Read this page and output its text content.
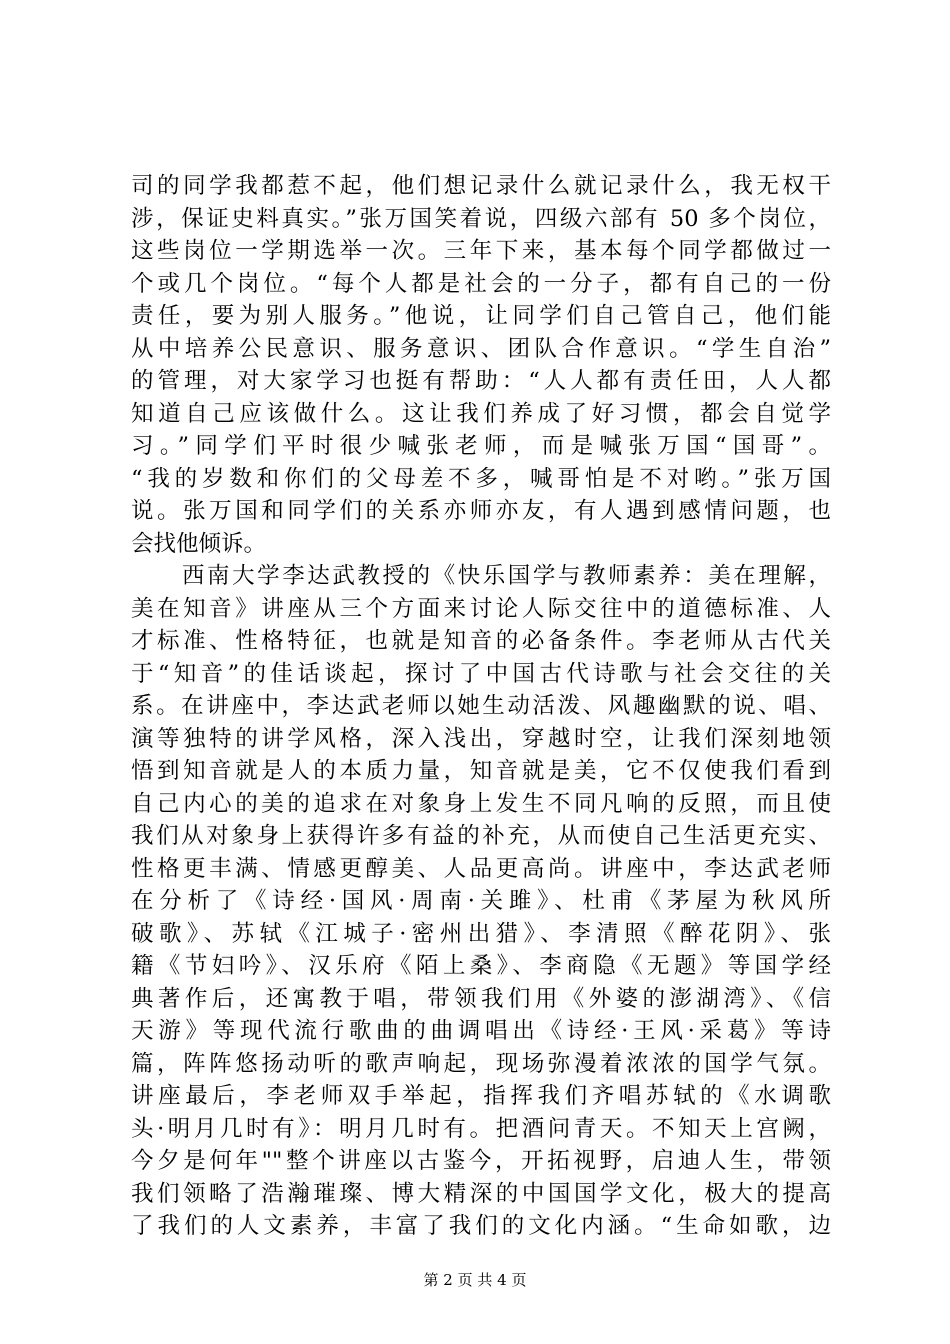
司的同学我都惹不起，他们想记录什么就记录什么，我无权干
涉，保证史料真实。”张万国笑着说，四级六部有 50 多个岗位，
这些岗位一学期选举一次。三年下来，基本每个同学都做过一
个或几个岗位。“每个人都是社会的一分子，都有自己的一份
责任，要为别人服务。”他说，让同学们自己管自己，他们能
从中培养公民意识、服务意识、团队合作意识。“学生自治”
的管理，对大家学习也挺有帮助：“人人都有责任田，人人都
知道自己应该做什么。这让我们养成了好习惯，都会自觉学
习。”同学们平时很少喊张老师，而是喊张万国“国哥”。
“我的岁数和你们的父母差不多，喊哥怕是不对哟。”张万国
说。张万国和同学们的关系亦师亦友，有人遇到感情问题，也
会找他倾诉。
西南大学李达武教授的《快乐国学与教师素养：美在理解，
美在知音》讲座从三个方面来讨论人际交往中的道德标准、人
才标准、性格特征，也就是知音的必备条件。李老师从古代关
于“知音”的佳话谈起，探讨了中国古代诗歌与社会交往的关
系。在讲座中，李达武老师以她生动活泼、风趣幽默的说、唱、
演等独特的讲学风格，深入浅出，穿越时空，让我们深刻地领
悟到知音就是人的本质力量，知音就是美，它不仅使我们看到
自己内心的美的追求在对象身上发生不同凡响的反照，而且使
我们从对象身上获得许多有益的补充，从而使自己生活更充实、
性格更丰满、情感更醇美、人品更高尚。讲座中，李达武老师
在分析了《诗经·国风·周南·关雎》、杜甫《茅屋为秋风所
破歌》、苏轼《江城子·密州出猎》、李清照《醉花阴》、张
籍《节妇吟》、汉乐府《陌上桑》、李商隐《无题》等国学经
典著作后，还寓教于唱，带领我们用《外婆的澎湖湾》、《信
天游》等现代流行歌曲的曲调唱出《诗经·王风·采葛》等诗
篇，阵阵悠扬动听的歌声响起，现场弥漫着浓浓的国学气氛。
讲座最后，李老师双手举起，指挥我们齐唱苏轼的《水调歌
头·明月几时有》：明月几时有。把酒问青天。不知天上宫阙，
今夕是何年""整个讲座以古鉴今，开拓视野，启迪人生，带领
我们领略了浩瀚璀璨、博大精深的中国国学文化，极大的提高
了我们的人文素养，丰富了我们的文化内涵。“生命如歌，边
第 2 页 共 4 页
